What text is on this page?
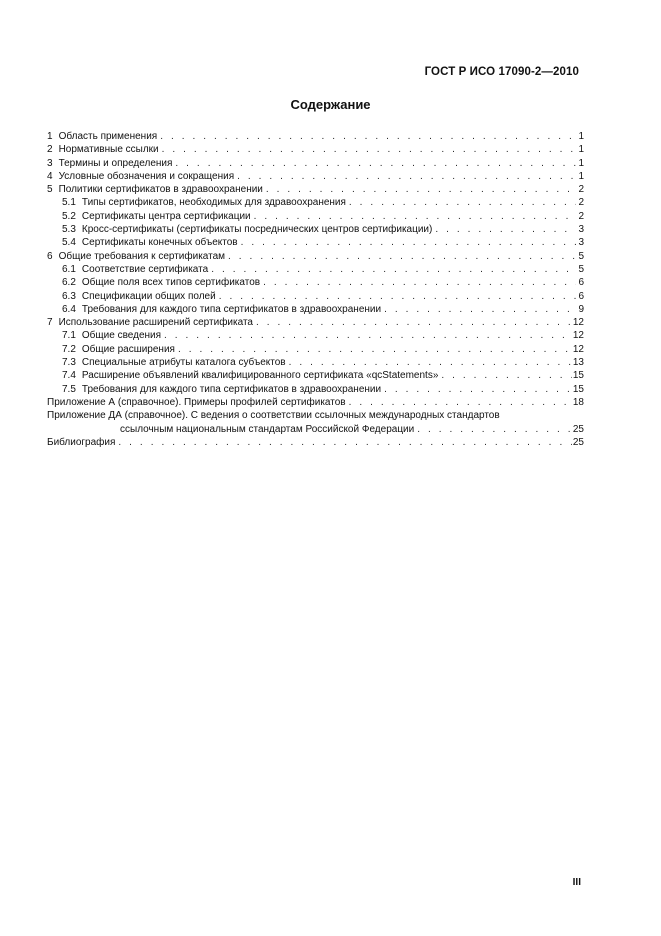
ГОСТ Р ИСО 17090-2—2010
Содержание
1 Область применения . . .	1
2 Нормативные ссылки . . .	1
3 Термины и определения . . .	1
4 Условные обозначения и сокращения . . .	1
5 Политики сертификатов в здравоохранении . . .	2
5.1 Типы сертификатов, необходимых для здравоохранения . . .	2
5.2 Сертификаты центра сертификации . . .	2
5.3 Кросс-сертификаты (сертификаты посреднических центров сертификации) . . .	3
5.4 Сертификаты конечных объектов . . .	3
6 Общие требования к сертификатам . . .	5
6.1 Соответствие сертификата . . .	5
6.2 Общие поля всех типов сертификатов . . .	6
6.3 Спецификации общих полей . . .	6
6.4 Требования для каждого типа сертификатов в здравоохранении . . .	9
7 Использование расширений сертификата . . .	12
7.1 Общие сведения . . .	12
7.2 Общие расширения . . .	12
7.3 Специальные атрибуты каталога субъектов . . .	13
7.4 Расширение объявлений квалифицированного сертификата «qcStatements» . . .	15
7.5 Требования для каждого типа сертификатов в здравоохранении . . .	15
Приложение А (справочное). Примеры профилей сертификатов . . .	18
Приложение ДА (справочное). С ведения о соответствии ссылочных международных стандартов
ссылочным национальным стандартам Российской Федерации . . .	25
Библиография . . .	25
III
